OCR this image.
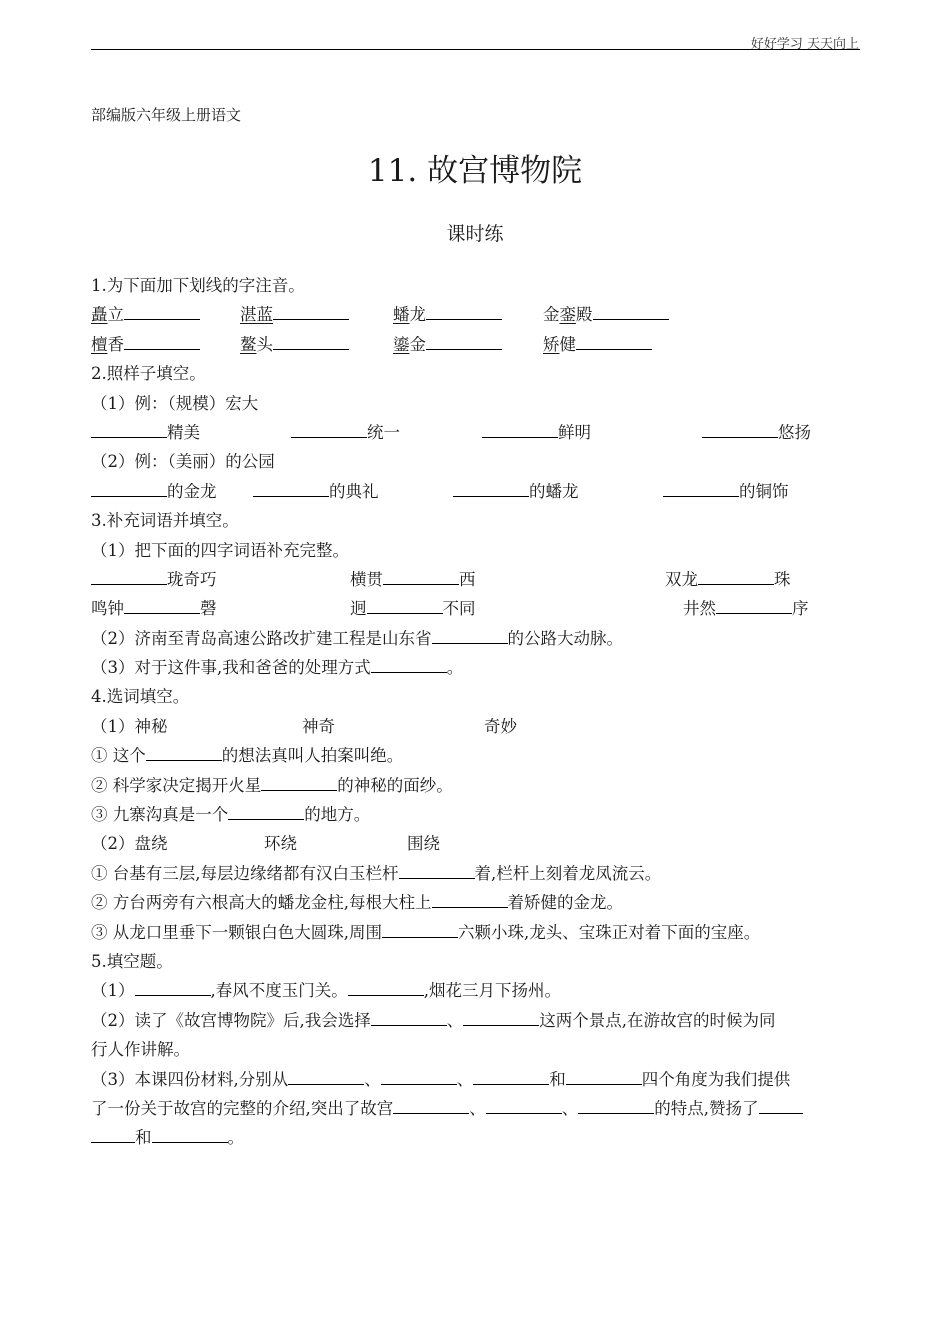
好好学习 天天向上
部编版六年级上册语文
11. 故宫博物院
课时练
1.为下面加下划线的字注音。
矗立	湛蓝	蟠龙	金銮殿
檀香	鳌头	鎏金	矫健
2.照样子填空。
（1）例：（规模）宏大
精美	统一	鲜明	悠扬
（2）例：（美丽）的公园
的金龙	的典礼	的蟠龙	的铜饰
3.补充词语并填空。
（1）把下面的四字词语补充完整。
珑奇巧	横贯	西	双龙	珠
鸣钟	磬	迥	不同	井然	序
（2）济南至青岛高速公路改扩建工程是山东省	的公路大动脉。
（3）对于这件事,我和爸爸的处理方式	。
4.选词填空。
（1）神秘	神奇	奇妙
① 这个	的想法真叫人拍案叫绝。
② 科学家决定揭开火星	的神秘的面纱。
③ 九寨沟真是一个	的地方。
（2）盘绕	环绕	围绕
① 台基有三层,每层边缘绪都有汉白玉栏杆	着,栏杆上刻着龙凤流云。
② 方台两旁有六根高大的蟠龙金柱,每根大柱上	着矫健的金龙。
③ 从龙口里垂下一颗银白色大圆珠,周围	六颗小珠,龙头、宝珠正对着下面的宝座。
5.填空题。
（1）	,春风不度玉门关。	,烟花三月下扬州。
（2）读了《故宫博物院》后,我会选择	、	这两个景点,在游故宫的时候为同
行人作讲解。
（3）本课四份材料,分别从	、	、	和	四个角度为我们提供
了一份关于故宫的完整的介绍,突出了故宫	、	、	的特点,赞扬了
和	。
